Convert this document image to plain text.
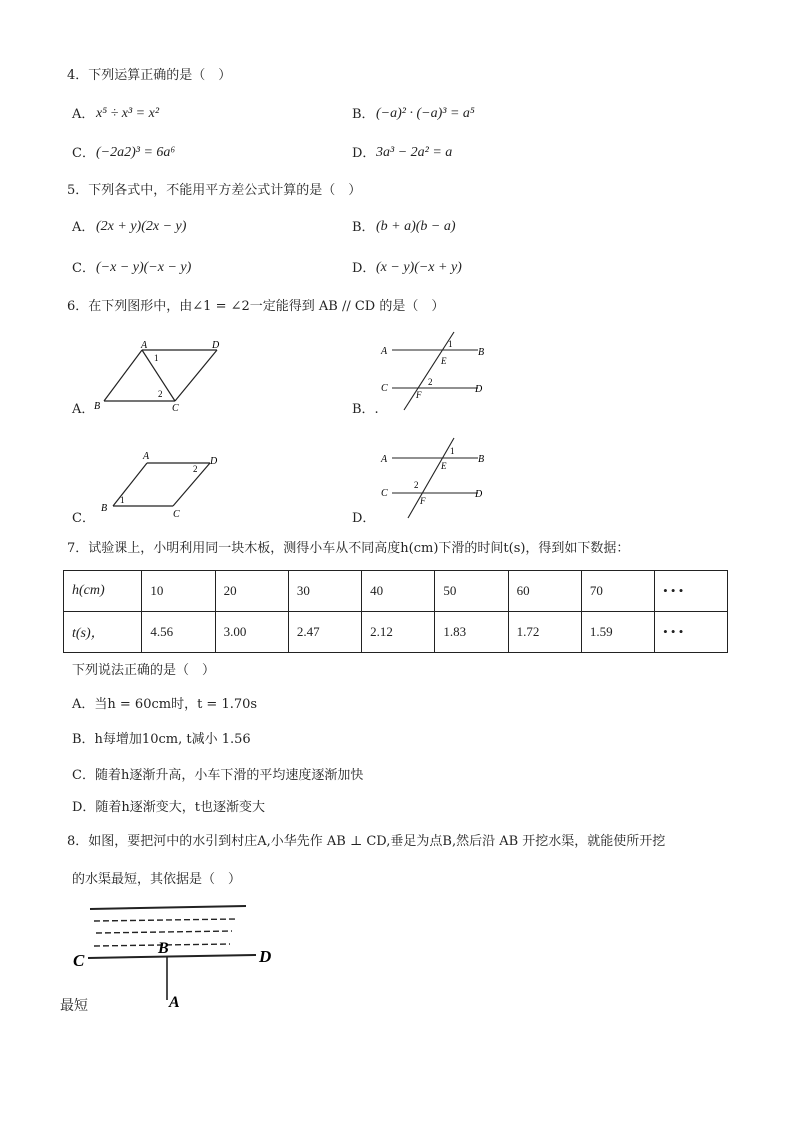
4．下列运算正确的是（　）
A． x⁵ ÷ x³ = x²	B． (−a)² · (−a)³ = a⁵
C． (−2a2)³ = 6a⁶	D． 3a³ − 2a² = a
5．下列各式中，不能用平方差公式计算的是（　）
A． (2x + y)(2x − y)	B． (b + a)(b − a)
C． (−x − y)(−x − y)	D． (x − y)(−x + y)
6．在下列图形中，由∠1 = ∠2一定能得到 AB // CD 的是（　）
A	D
B	C
1
2
A．
A	B
C	D
E
F
1
2
B．.
A	D
B
C
1
2
C．
A	B
C	D
E
F
1
2
D．
7．试验课上，小明利用同一块木板，测得小车从不同高度h(cm)下滑的时间t(s)，得到如下数据：
h(cm)	10	20	30	40	50	60	70	• • •
t(s)，	4.56	3.00	2.47	2.12	1.83	1.72	1.59	• • •
下列说法正确的是（　）
A．当h = 60cm时，t = 1.70s
B．h每增加10cm, t减小 1.56
C．随着h逐渐升高，小车下滑的平均速度逐渐加快
D．随着h逐渐变大，t也逐渐变大
8．如图，要把河中的水引到村庄A,小华先作 AB ⊥ CD,垂足为点B,然后沿 AB 开挖水渠，就能使所开挖
的水渠最短，其依据是（　）
C	D
B
A
最短
